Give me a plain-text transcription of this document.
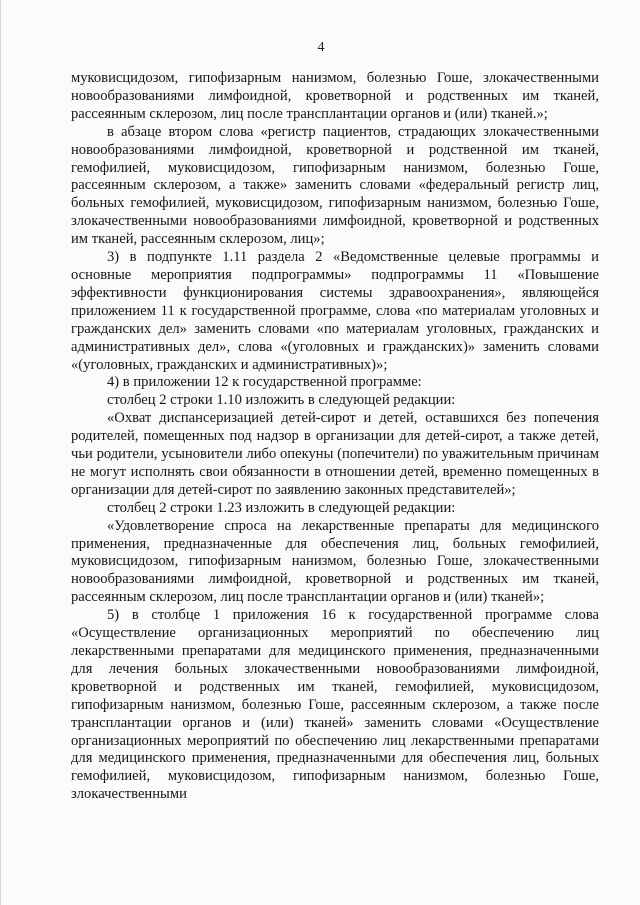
4

муковисцидозом, гипофизарным нанизмом, болезнью Гоше, злокачественными новообразованиями лимфоидной, кроветворной и родственных им тканей, рассеянным склерозом, лиц после трансплантации органов и (или) тканей.»;

в абзаце втором слова «регистр пациентов, страдающих злокачественными новообразованиями лимфоидной, кроветворной и родственной им тканей, гемофилией, муковисцидозом, гипофизарным нанизмом, болезнью Гоше, рассеянным склерозом, а также» заменить словами «федеральный регистр лиц, больных гемофилией, муковисцидозом, гипофизарным нанизмом, болезнью Гоше, злокачественными новообразованиями лимфоидной, кроветворной и родственных им тканей, рассеянным склерозом, лиц»;

3) в подпункте 1.11 раздела 2 «Ведомственные целевые программы и основные мероприятия подпрограммы» подпрограммы 11 «Повышение эффективности функционирования системы здравоохранения», являющейся приложением 11 к государственной программе, слова «по материалам уголовных и гражданских дел» заменить словами «по материалам уголовных, гражданских и административных дел», слова «(уголовных и гражданских)» заменить словами «(уголовных, гражданских и административных)»;

4) в приложении 12 к государственной программе:

столбец 2 строки 1.10 изложить в следующей редакции:

«Охват диспансеризацией детей-сирот и детей, оставшихся без попечения родителей, помещенных под надзор в организации для детей-сирот, а также детей, чьи родители, усыновители либо опекуны (попечители) по уважительным причинам не могут исполнять свои обязанности в отношении детей, временно помещенных в организации для детей-сирот по заявлению законных представителей»;

столбец 2 строки 1.23 изложить в следующей редакции:

«Удовлетворение спроса на лекарственные препараты для медицинского применения, предназначенные для обеспечения лиц, больных гемофилией, муковисцидозом, гипофизарным нанизмом, болезнью Гоше, злокачественными новообразованиями лимфоидной, кроветворной и родственных им тканей, рассеянным склерозом, лиц после трансплантации органов и (или) тканей»;

5) в столбце 1 приложения 16 к государственной программе слова «Осуществление организационных мероприятий по обеспечению лиц лекарственными препаратами для медицинского применения, предназначенными для лечения больных злокачественными новообразованиями лимфоидной, кроветворной и родственных им тканей, гемофилией, муковисцидозом, гипофизарным нанизмом, болезнью Гоше, рассеянным склерозом, а также после трансплантации органов и (или) тканей» заменить словами «Осуществление организационных мероприятий по обеспечению лиц лекарственными препаратами для медицинского применения, предназначенными для обеспечения лиц, больных гемофилией, муковисцидозом, гипофизарным нанизмом, болезнью Гоше, злокачественными
